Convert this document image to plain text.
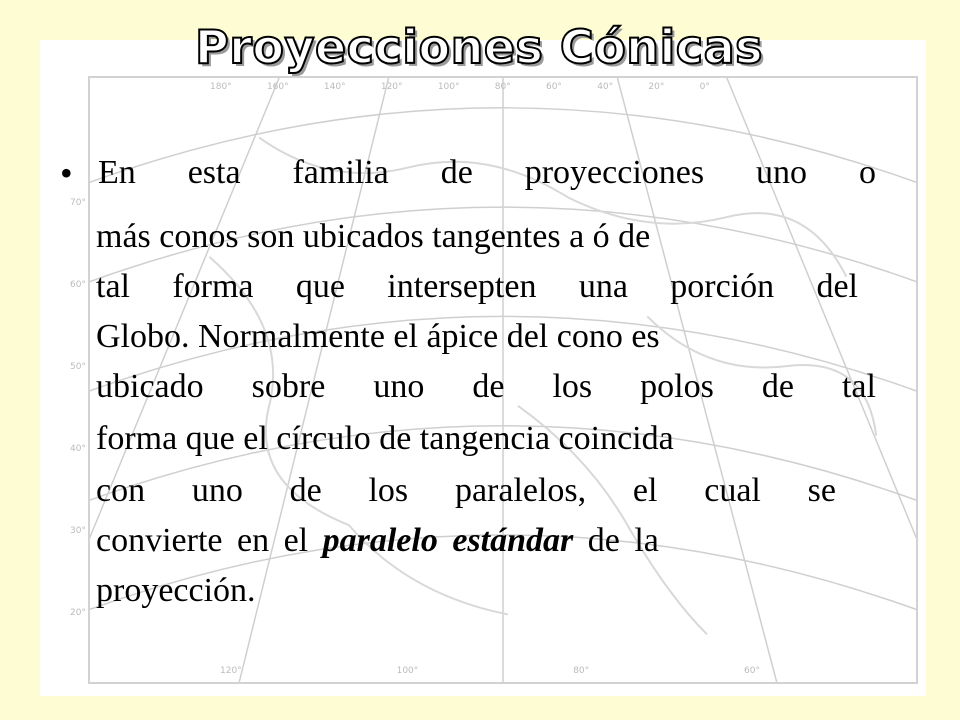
180°	160°	140°	120°	100°	80°	60°	40°	20°	0°
120°	100°	80°	60°
70°
60°
50°
40°
30°
20°
Proyecciones Cónicas
• En esta familia de proyecciones uno o
más conos son ubicados tangentes a ó de
tal forma que intersepten una porción del
Globo. Normalmente el ápice del cono es
ubicado sobre uno de los polos de tal
forma que el círculo de tangencia coincida
con uno de los paralelos, el cual se
convierte en el paralelo estándar de la
proyección.
